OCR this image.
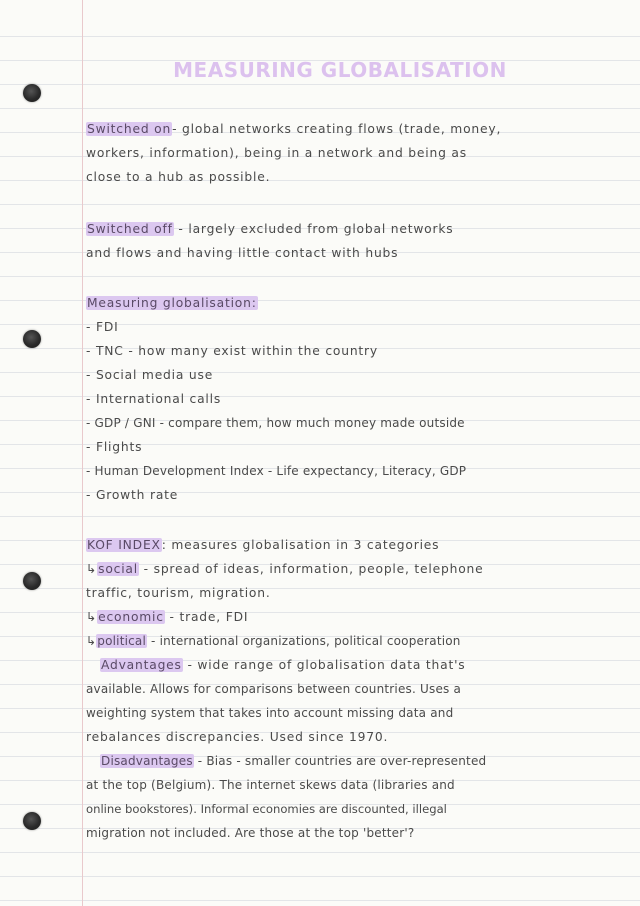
MEASURING GLOBALISATION
Switched on- global networks creating flows (trade, money,
workers, information), being in a network and being as
close to a hub as possible.
Switched off - largely excluded from global networks
and flows and having little contact with hubs
Measuring globalisation:
- FDI
- TNC - how many exist within the country
- Social media use
- International calls
- GDP / GNI - compare them, how much money made outside
- Flights
- Human Development Index - Life expectancy, Literacy, GDP
- Growth rate
KOF INDEX: measures globalisation in 3 categories
↳social - spread of ideas, information, people, telephone
traffic, tourism, migration.
↳economic - trade, FDI
↳political - international organizations, political cooperation
Advantages - wide range of globalisation data that's
available. Allows for comparisons between countries. Uses a
weighting system that takes into account missing data and
rebalances discrepancies. Used since 1970.
Disadvantages - Bias - smaller countries are over-represented
at the top (Belgium). The internet skews data (libraries and
online bookstores). Informal economies are discounted, illegal
migration not included. Are those at the top 'better'?
